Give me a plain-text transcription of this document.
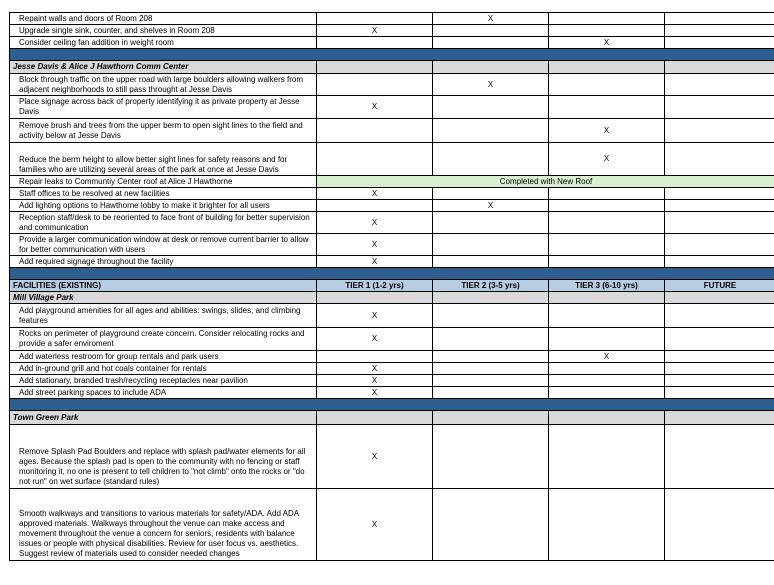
Repaint walls and doors of Room 208		X		
Upgrade single sink, counter, and shelves in Room 208	X			
Consider ceiling fan addition in weight room			X	

Jesse Davis & Alice J Hawthorn Comm Center				
Block through traffic on the upper road with large boulders allowing walkers from adjacent neighborhoods to still pass throught at Jesse Davis		X		
Place signage across back of property identifying it as private property at Jesse Davis	X			
Remove brush and trees from the upper berm to open sight lines to the field and activity below at Jesse Davis			X	
Reduce the berm height to allow better sight lines for safety reasons and for families who are utilizing several areas of the park at once at Jesse Davis			X	
Repair leaks to Communtiy Center roof at Alice J Hawthorne	Completed with New Roof			
Staff offices to be resolved at new facilities	X			
Add lighting options to Hawthorne lobby to make it brighter for all users		X		
Reception staff/desk to be reoriented to face front of building for better supervision and communication	X			
Provide a larger communication window at desk or remove current barrier to allow for better communication with users	X			
Add required signage throughout the facility	X			

FACILITIES (EXISTING)	TIER 1 (1-2 yrs)	TIER 2 (3-5 yrs)	TIER 3 (6-10 yrs)	FUTURE
Mill Village Park				
Add playground amenities for all ages and abilities: swings, slides, and climbing features	X			
Rocks on perimeter of playground create concern. Consider relocating rocks and provide a safer enviroment	X			
Add waterless restroom for group rentals and park users			X	
Add in-ground grill and hot coals container for rentals	X			
Add stationary, branded trash/recycling receptacles near pavilion	X			
Add street parking spaces to include ADA	X			

Town Green Park				
Remove Splash Pad Boulders and replace with splash pad/water elements for all ages. Because the splash pad is open to the community with no fencing or staff monitoring it, no one is present to tell children to "not climb" onto the rocks or "do not run" on wet surface (standard rules)	X			
Smooth walkways and transitions to various materials for safety/ADA. Add ADA approved materials. Walkways throughout the venue can make access and movement throughout the venue a concern for seniors, residents with balance issues or people with physical disabilities. Review for user focus vs. aesthetics. Suggest review of materials used to consider needed changes	X			
